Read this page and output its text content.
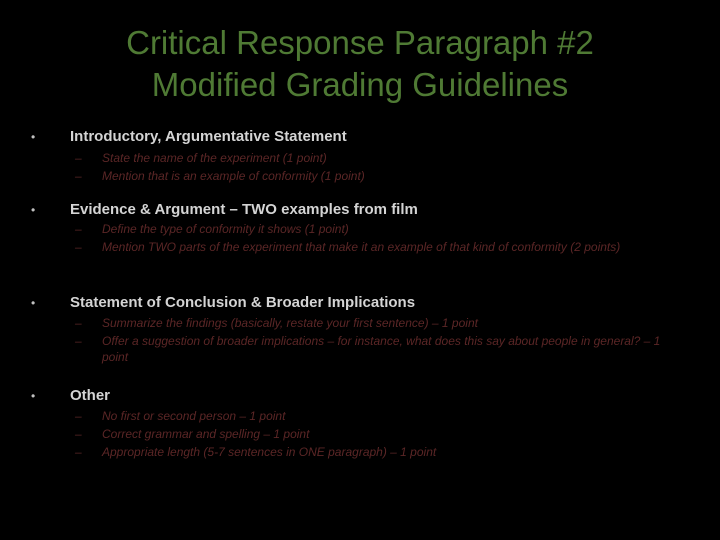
Critical Response Paragraph #2
Modified Grading Guidelines
• Introductory, Argumentative Statement
– State the name of the experiment (1 point)
– Mention that is an example of conformity (1 point)
• Evidence & Argument – TWO examples from film
– Define the type of conformity it shows (1 point)
– Mention TWO parts of the experiment that make it an example of that kind of conformity (2 points)
• Statement of Conclusion & Broader Implications
– Summarize the findings (basically, restate your first sentence) – 1 point
– Offer a suggestion of broader implications – for instance, what does this say about people in general? – 1 point
• Other
– No first or second person – 1 point
– Correct grammar and spelling – 1 point
– Appropriate length (5-7 sentences in ONE paragraph) – 1 point
